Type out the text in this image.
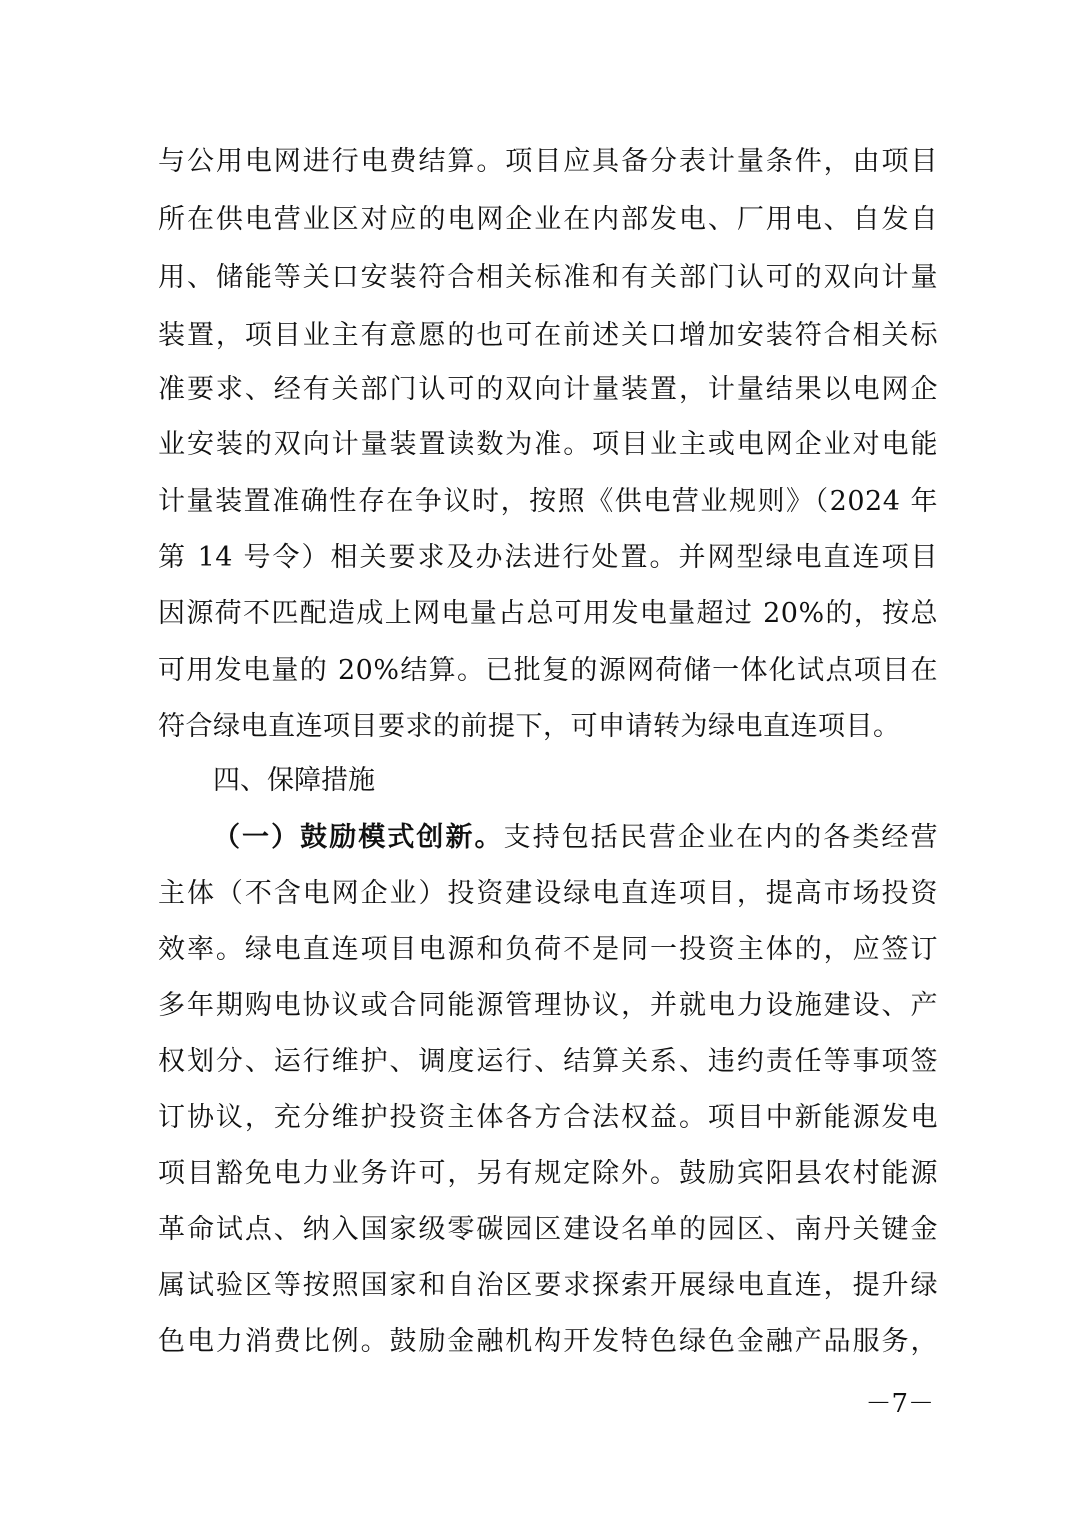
与公用电网进行电费结算。项目应具备分表计量条件，由项目
所在供电营业区对应的电网企业在内部发电、厂用电、自发自
用、储能等关口安装符合相关标准和有关部门认可的双向计量
装置，项目业主有意愿的也可在前述关口增加安装符合相关标
准要求、经有关部门认可的双向计量装置，计量结果以电网企
业安装的双向计量装置读数为准。项目业主或电网企业对电能
计量装置准确性存在争议时，按照《供电营业规则》（2024 年
第 14 号令）相关要求及办法进行处置。并网型绿电直连项目
因源荷不匹配造成上网电量占总可用发电量超过 20%的，按总
可用发电量的 20%结算。已批复的源网荷储一体化试点项目在
符合绿电直连项目要求的前提下，可申请转为绿电直连项目。
四、保障措施
（一）鼓励模式创新。支持包括民营企业在内的各类经营
主体（不含电网企业）投资建设绿电直连项目，提高市场投资
效率。绿电直连项目电源和负荷不是同一投资主体的，应签订
多年期购电协议或合同能源管理协议，并就电力设施建设、产
权划分、运行维护、调度运行、结算关系、违约责任等事项签
订协议，充分维护投资主体各方合法权益。项目中新能源发电
项目豁免电力业务许可，另有规定除外。鼓励宾阳县农村能源
革命试点、纳入国家级零碳园区建设名单的园区、南丹关键金
属试验区等按照国家和自治区要求探索开展绿电直连，提升绿
色电力消费比例。鼓励金融机构开发特色绿色金融产品服务，
－7－
